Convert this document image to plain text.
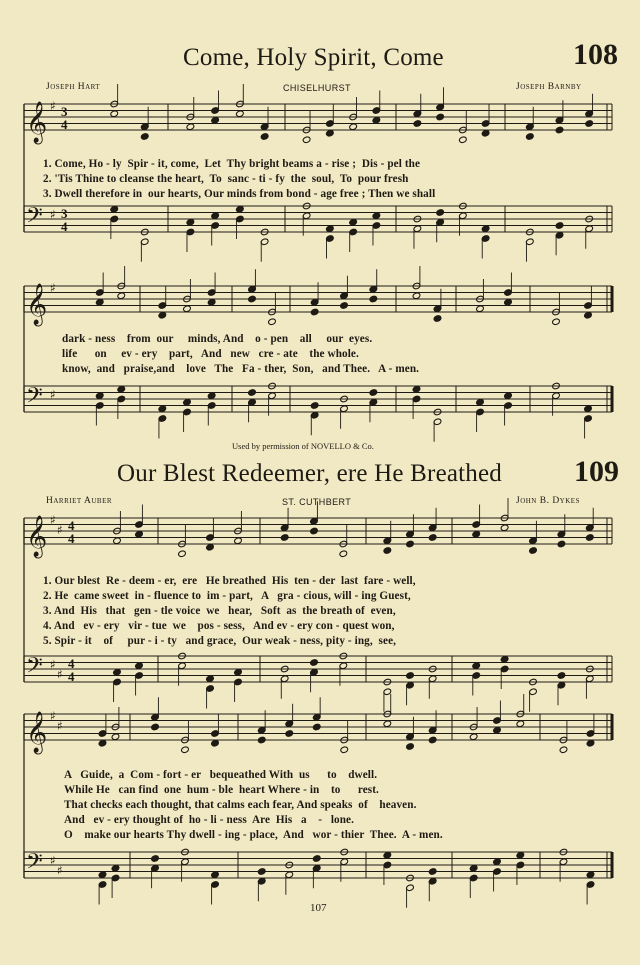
𝄞 ♯ 3
4
𝄢 ♯ 3
4
𝄞 ♯
𝄢 ♯
𝄞 ♯
♯ 4
4
𝄢 ♯
♯
4
4
𝄞 ♯
♯
𝄢 ♯
♯
Come, Holy Spirit, Come	108
Joseph Hart	CHISELHURST	Joseph Barnby
1. Come, Ho - ly  Spir - it, come,  Let  Thy bright beams a - rise ;  Dis - pel the
2. 'Tis Thine to cleanse the heart,  To  sanc - ti - fy  the  soul,  To  pour fresh
3. Dwell therefore in  our hearts, Our minds from bond - age free ; Then we shall
dark - ness    from  our     minds, And    o - pen    all     our  eyes.
life      on     ev - ery    part,   And   new   cre - ate    the whole.
know,  and   praise,and    love   The   Fa - ther,  Son,   and Thee.   A - men.
Used by permission of NOVELLO & Co.
Our Blest Redeemer, ere He Breathed 109
Harriet Auber	ST. CUTHBERT	John B. Dykes
1. Our blest  Re - deem - er,  ere   He breathed  His  ten - der  last  fare - well,
2. He  came sweet  in - fluence to  im - part,   A   gra - cious, will - ing Guest,
3. And  His   that   gen - tle voice  we   hear,   Soft  as  the breath of  even,
4. And   ev - ery   vir - tue  we    pos - sess,   And ev - ery con - quest won,
5. Spir - it    of     pur - i - ty   and grace,  Our weak - ness, pity - ing,  see,
A   Guide,  a  Com - fort - er   bequeathed With  us      to    dwell.
While He   can find  one  hum - ble  heart Where - in    to      rest.
That checks each thought, that calms each fear, And speaks  of    heaven.
And   ev - ery thought of  ho - li - ness  Are  His   a    -   lone.
O    make our hearts Thy dwell - ing - place,  And   wor - thier  Thee.  A - men.
107
